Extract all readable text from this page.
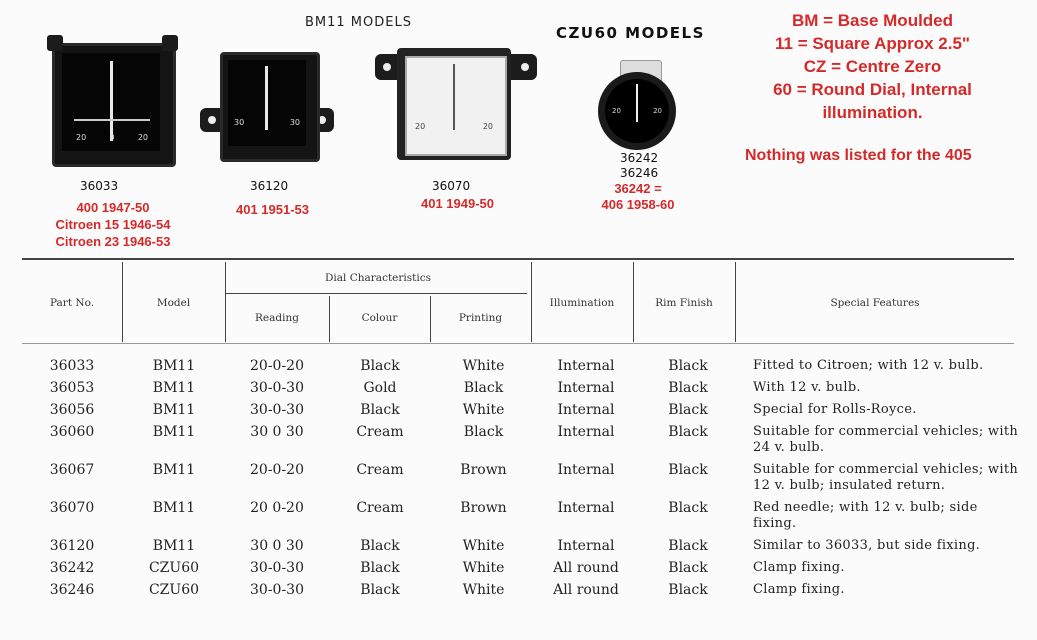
BM11 MODELS
CZU60 MODELS
20	0	20
36033
400 1947-50
Citroen 15 1946-54
Citroen 23 1946-53
30	30
36120
401 1951-53
20	20
36070
401 1949-50
20	20
36242
36246
36242 =
406 1958-60
BM = Base Moulded
11 = Square Approx 2.5"
CZ = Centre Zero
60 = Round Dial, Internal
illumination.
Nothing was listed for the 405
Part No.	Model
Dial Characteristics
Reading	Colour	Printing
Illumination	Rim Finish	Special Features
36033	BM11	20-0-20	Black	White	Internal	Black	Fitted to Citroen; with 12 v. bulb.
36053	BM11	30-0-30	Gold	Black	Internal	Black	With 12 v. bulb.
36056	BM11	30-0-30	Black	White	Internal	Black	Special for Rolls-Royce.
36060	BM11	30 0 30	Cream	Black	Internal	Black	Suitable for commercial vehicles; with 24 v. bulb.
36067	BM11	20-0-20	Cream	Brown	Internal	Black	Suitable for commercial vehicles; with 12 v. bulb; insulated return.
36070	BM11	20 0-20	Cream	Brown	Internal	Black	Red needle; with 12 v. bulb; side fixing.
36120	BM11	30 0 30	Black	White	Internal	Black	Similar to 36033, but side fixing.
36242	CZU60	30-0-30	Black	White	All round	Black	Clamp fixing.
36246	CZU60	30-0-30	Black	White	All round	Black	Clamp fixing.
